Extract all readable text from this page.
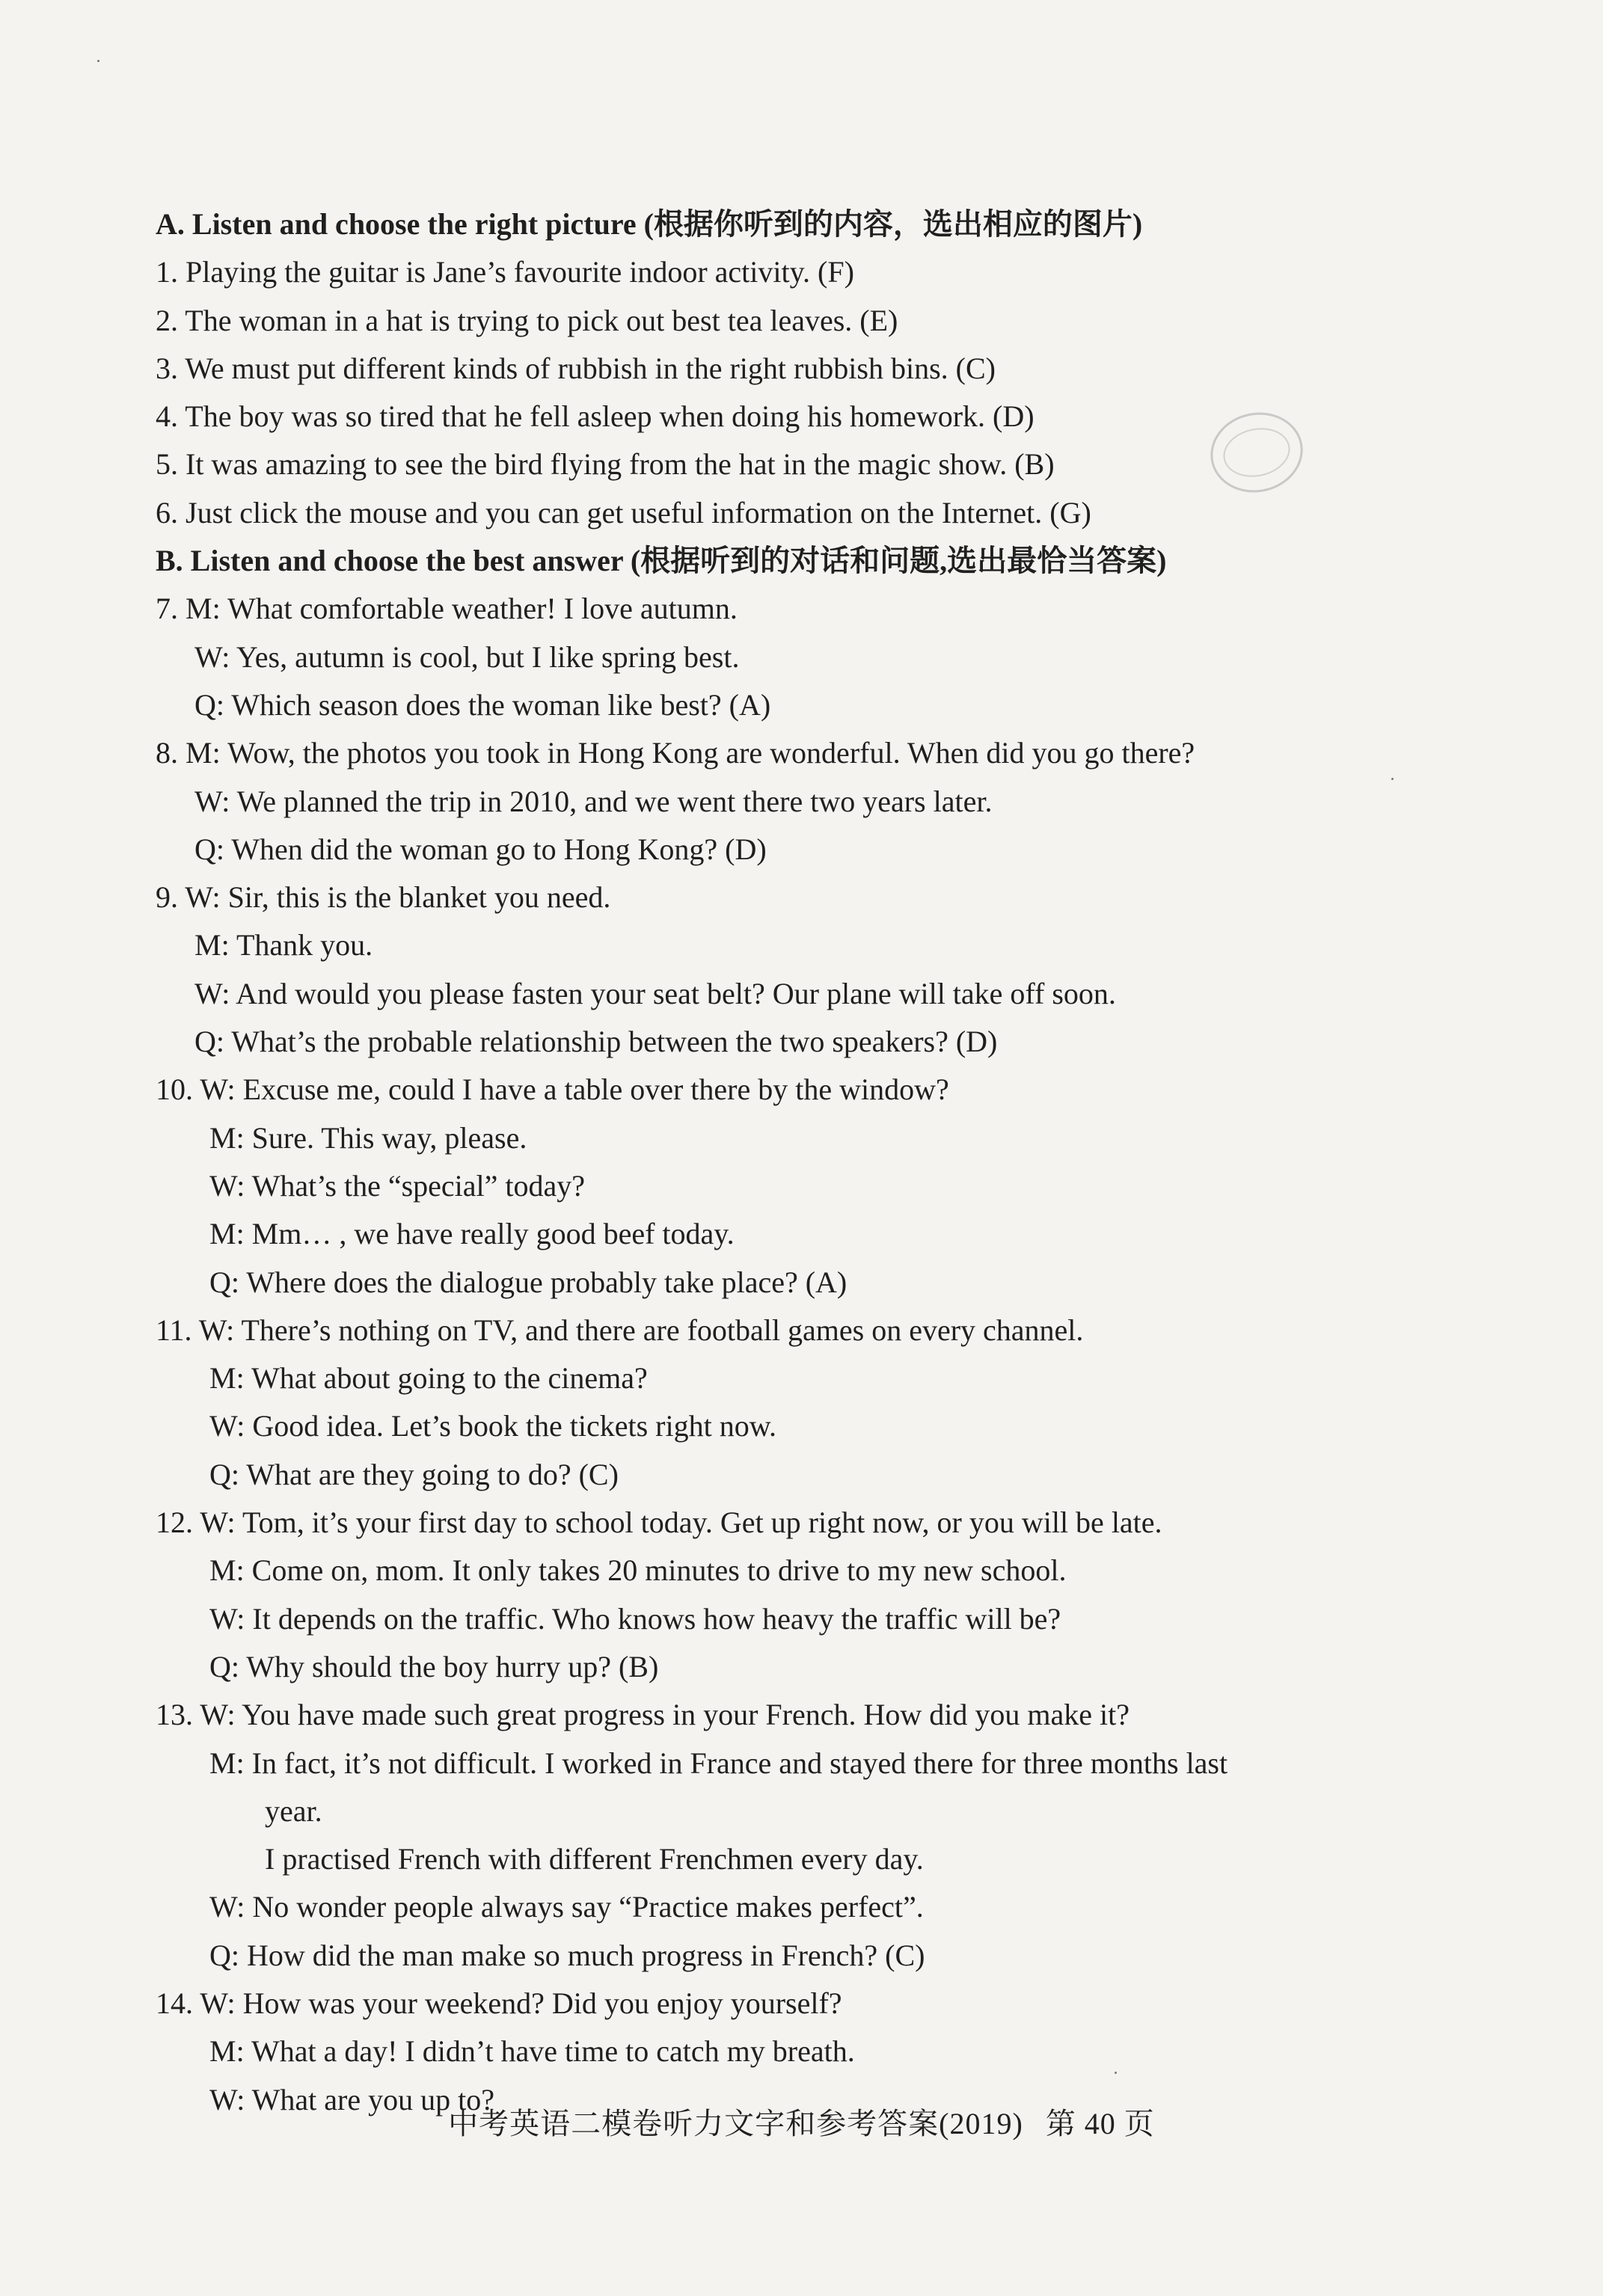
A. Listen and choose the right picture (根据你听到的内容，选出相应的图片)
1. Playing the guitar is Jane’s favourite indoor activity. (F)
2. The woman in a hat is trying to pick out best tea leaves. (E)
3. We must put different kinds of rubbish in the right rubbish bins. (C)
4. The boy was so tired that he fell asleep when doing his homework. (D)
5. It was amazing to see the bird flying from the hat in the magic show. (B)
6. Just click the mouse and you can get useful information on the Internet. (G)
B. Listen and choose the best answer (根据听到的对话和问题,选出最恰当答案)
7. M: What comfortable weather! I love autumn.
W: Yes, autumn is cool, but I like spring best.
Q: Which season does the woman like best? (A)
8. M: Wow, the photos you took in Hong Kong are wonderful. When did you go there?
W: We planned the trip in 2010, and we went there two years later.
Q: When did the woman go to Hong Kong? (D)
9. W: Sir, this is the blanket you need.
M: Thank you.
W: And would you please fasten your seat belt? Our plane will take off soon.
Q: What’s the probable relationship between the two speakers? (D)
10. W: Excuse me, could I have a table over there by the window?
M: Sure. This way, please.
W: What’s the “special” today?
M: Mm… , we have really good beef today.
Q: Where does the dialogue probably take place? (A)
11. W: There’s nothing on TV, and there are football games on every channel.
M: What about going to the cinema?
W: Good idea. Let’s book the tickets right now.
Q: What are they going to do? (C)
12. W: Tom, it’s your first day to school today. Get up right now, or you will be late.
M: Come on, mom. It only takes 20 minutes to drive to my new school.
W: It depends on the traffic. Who knows how heavy the traffic will be?
Q: Why should the boy hurry up? (B)
13. W: You have made such great progress in your French. How did you make it?
M: In fact, it’s not difficult. I worked in France and stayed there for three months last
year.
I practised French with different Frenchmen every day.
W: No wonder people always say “Practice makes perfect”.
Q: How did the man make so much progress in French? (C)
14. W: How was your weekend? Did you enjoy yourself?
M: What a day! I didn’t have time to catch my breath.
W: What are you up to?
中考英语二模卷听力文字和参考答案(2019) 第 40 页
